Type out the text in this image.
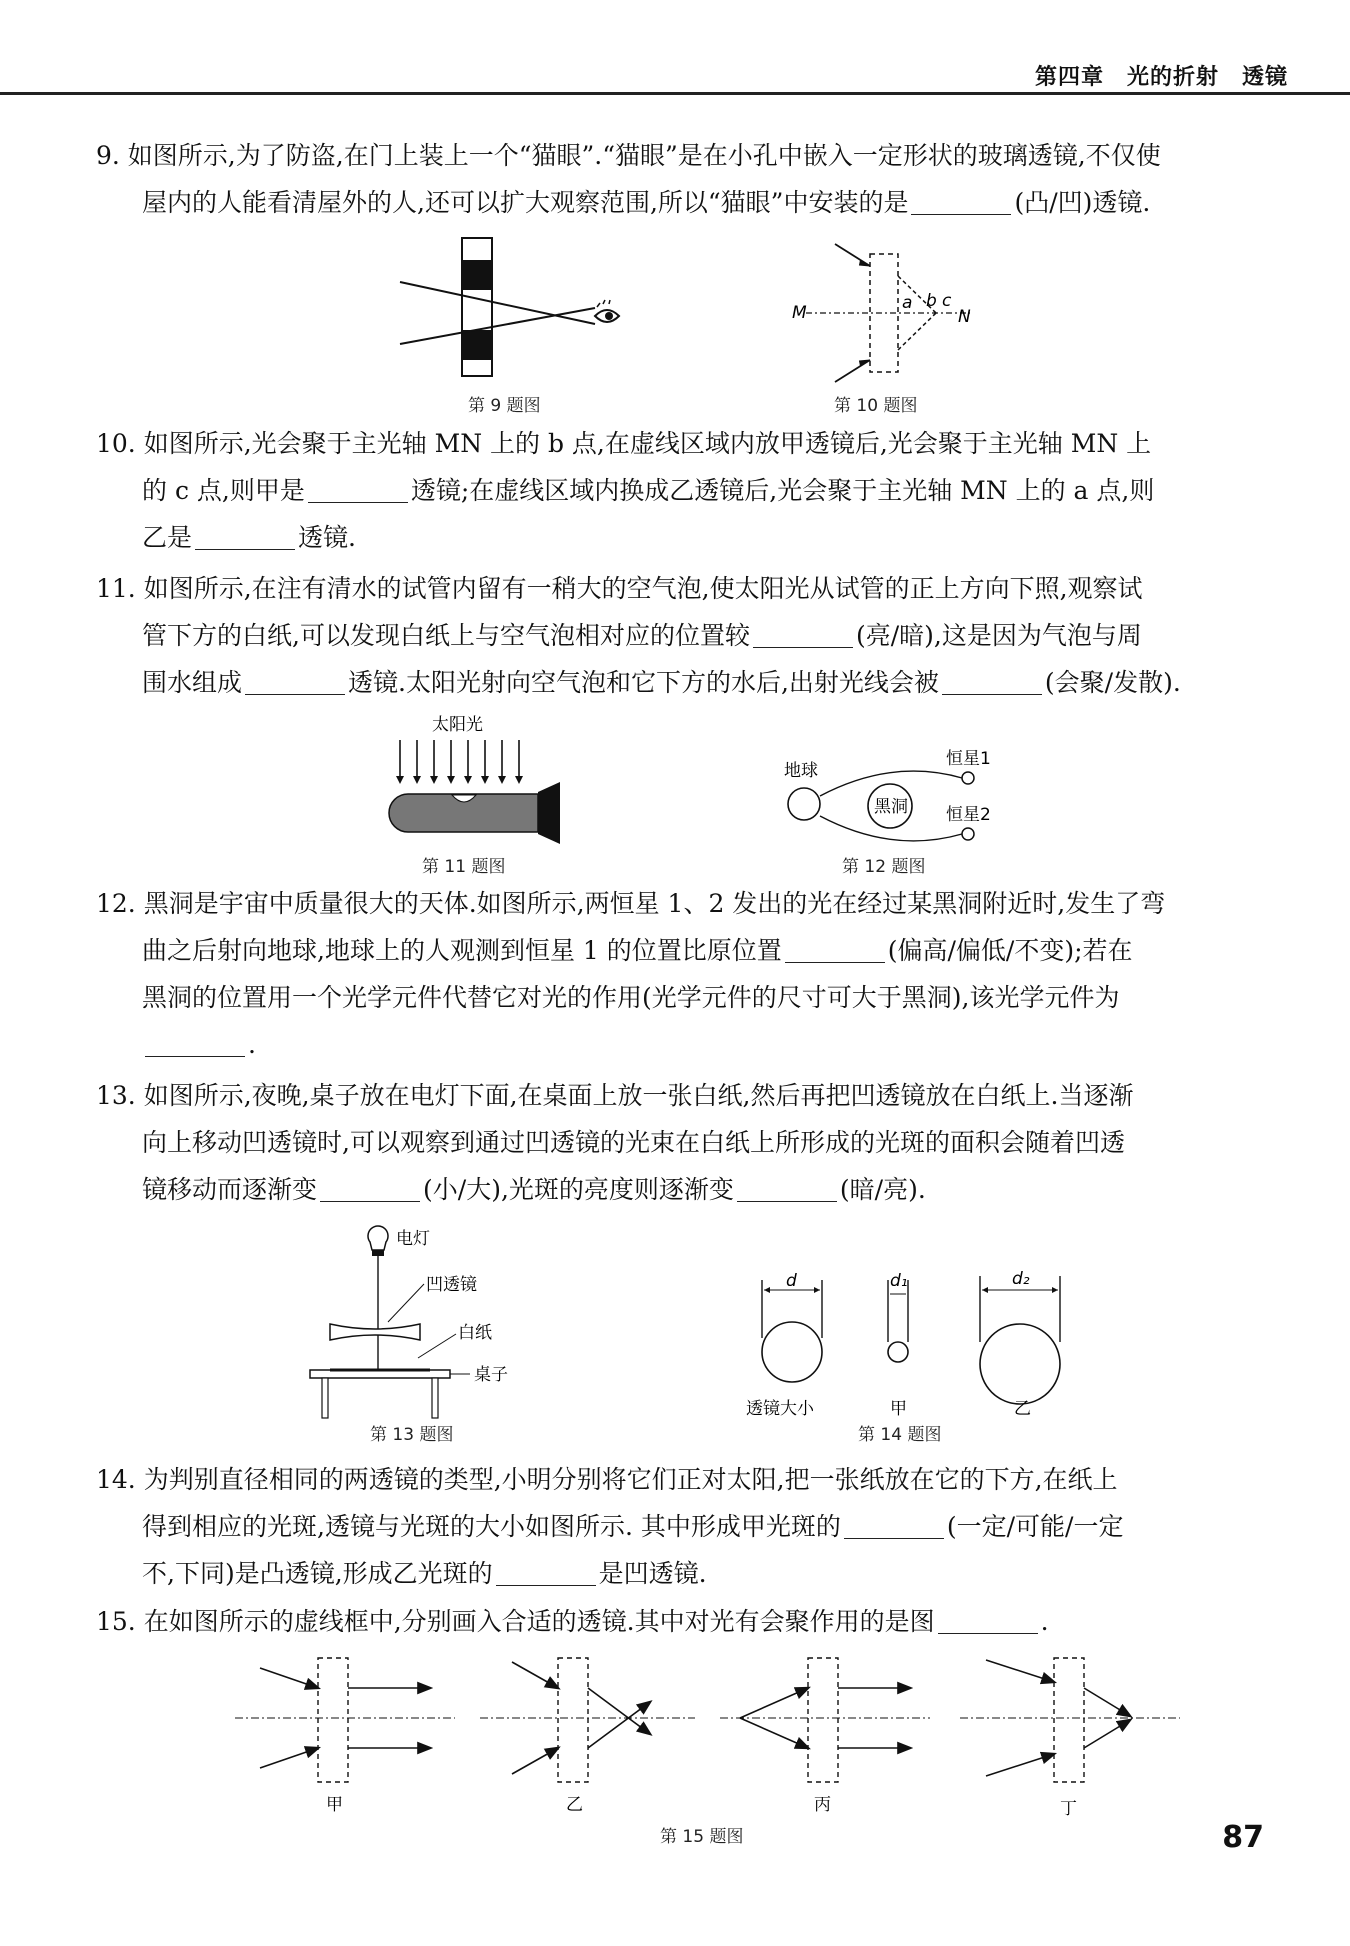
第四章　光的折射　透镜
9. 如图所示,为了防盗,在门上装上一个“猫眼”.“猫眼”是在小孔中嵌入一定形状的玻璃透镜,不仅使
屋内的人能看清屋外的人,还可以扩大观察范围,所以“猫眼”中安装的是	(凸/凹)透镜.
第 9 题图
M	N
a b c
第 10 题图
10. 如图所示,光会聚于主光轴 MN 上的 b 点,在虚线区域内放甲透镜后,光会聚于主光轴 MN 上
的 c 点,则甲是	透镜;在虚线区域内换成乙透镜后,光会聚于主光轴 MN 上的 a 点,则
乙是	透镜.
11. 如图所示,在注有清水的试管内留有一稍大的空气泡,使太阳光从试管的正上方向下照,观察试
管下方的白纸,可以发现白纸上与空气泡相对应的位置较	(亮/暗),这是因为气泡与周
围水组成	透镜.太阳光射向空气泡和它下方的水后,出射光线会被	(会聚/发散).
太阳光
第 11 题图
地球
黑洞
恒星1
恒星2
第 12 题图
12. 黑洞是宇宙中质量很大的天体.如图所示,两恒星 1、2 发出的光在经过某黑洞附近时,发生了弯
曲之后射向地球,地球上的人观测到恒星 1 的位置比原位置	(偏高/偏低/不变);若在
黑洞的位置用一个光学元件代替它对光的作用(光学元件的尺寸可大于黑洞),该光学元件为
.
13. 如图所示,夜晚,桌子放在电灯下面,在桌面上放一张白纸,然后再把凹透镜放在白纸上.当逐渐
向上移动凹透镜时,可以观察到通过凹透镜的光束在白纸上所形成的光斑的面积会随着凹透
镜移动而逐渐变	(小/大),光斑的亮度则逐渐变	(暗/亮).
电灯
凹透镜
白纸
桌子
第 13 题图
d
透镜大小
d₁
甲
d₂
乙
第 14 题图
14. 为判别直径相同的两透镜的类型,小明分别将它们正对太阳,把一张纸放在它的下方,在纸上
得到相应的光斑,透镜与光斑的大小如图所示. 其中形成甲光斑的	(一定/可能/一定
不,下同)是凸透镜,形成乙光斑的	是凹透镜.
15. 在如图所示的虚线框中,分别画入合适的透镜.其中对光有会聚作用的是图	.
甲	乙	丙	丁
第 15 题图	87
